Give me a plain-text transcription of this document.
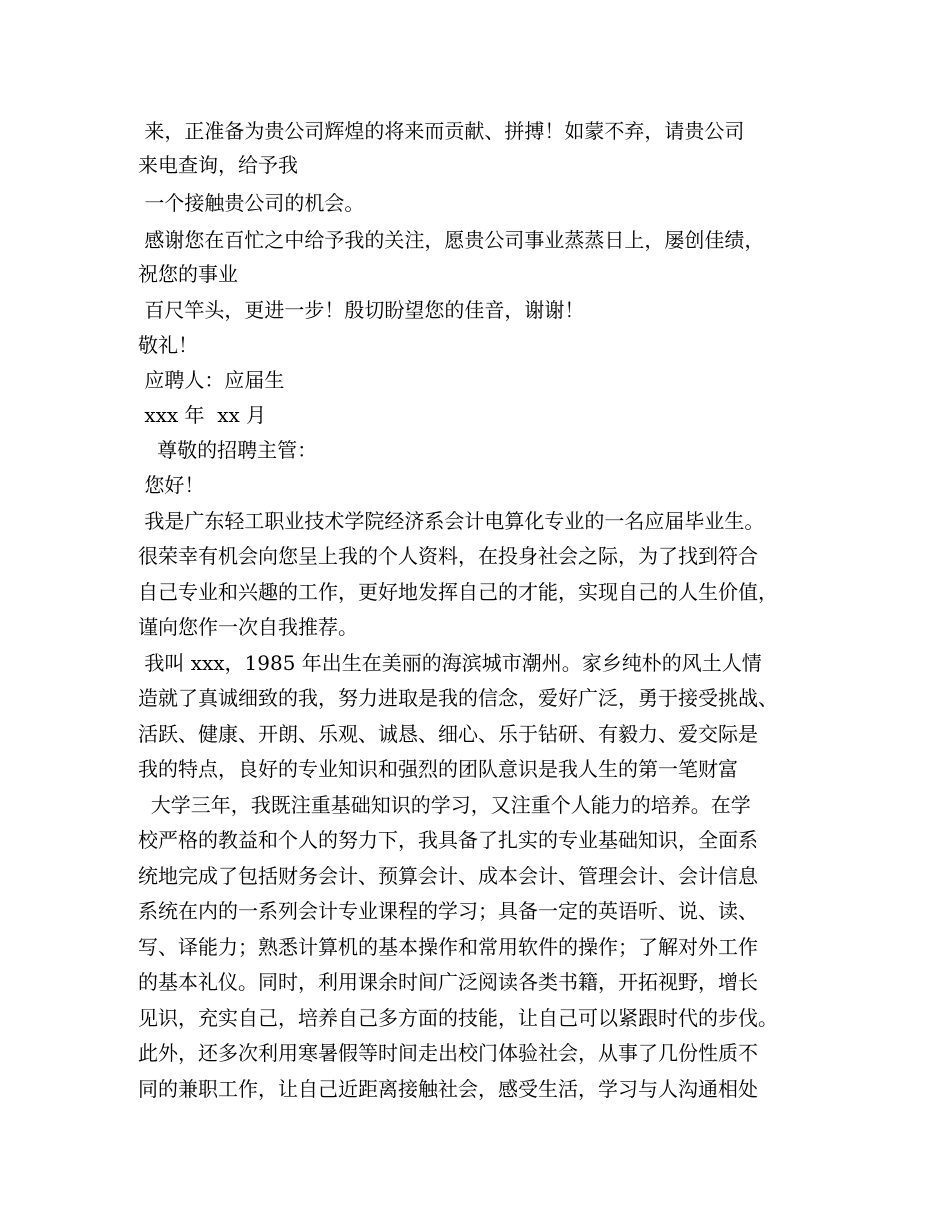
来，正准备为贵公司辉煌的将来而贡献、拼搏！如蒙不弃，请贵公司
来电查询，给予我
一个接触贵公司的机会。
感谢您在百忙之中给予我的关注，愿贵公司事业蒸蒸日上，屡创佳绩，
祝您的事业
百尺竿头，更进一步！殷切盼望您的佳音，谢谢！
敬礼！
应聘人：应届生
xxx 年  xx 月
尊敬的招聘主管：
您好！
我是广东轻工职业技术学院经济系会计电算化专业的一名应届毕业生。
很荣幸有机会向您呈上我的个人资料，在投身社会之际，为了找到符合
自己专业和兴趣的工作，更好地发挥自己的才能，实现自己的人生价值，
谨向您作一次自我推荐。
我叫 xxx，1985 年出生在美丽的海滨城市潮州。家乡纯朴的风土人情
造就了真诚细致的我，努力进取是我的信念，爱好广泛，勇于接受挑战、
活跃、健康、开朗、乐观、诚恳、细心、乐于钻研、有毅力、爱交际是
我的特点，良好的专业知识和强烈的团队意识是我人生的第一笔财富
大学三年，我既注重基础知识的学习，又注重个人能力的培养。在学
校严格的教益和个人的努力下，我具备了扎实的专业基础知识，全面系
统地完成了包括财务会计、预算会计、成本会计、管理会计、会计信息
系统在内的一系列会计专业课程的学习；具备一定的英语听、说、读、
写、译能力；熟悉计算机的基本操作和常用软件的操作；了解对外工作
的基本礼仪。同时，利用课余时间广泛阅读各类书籍，开拓视野，增长
见识，充实自己，培养自己多方面的技能，让自己可以紧跟时代的步伐。
此外，还多次利用寒暑假等时间走出校门体验社会，从事了几份性质不
同的兼职工作，让自己近距离接触社会，感受生活，学习与人沟通相处
